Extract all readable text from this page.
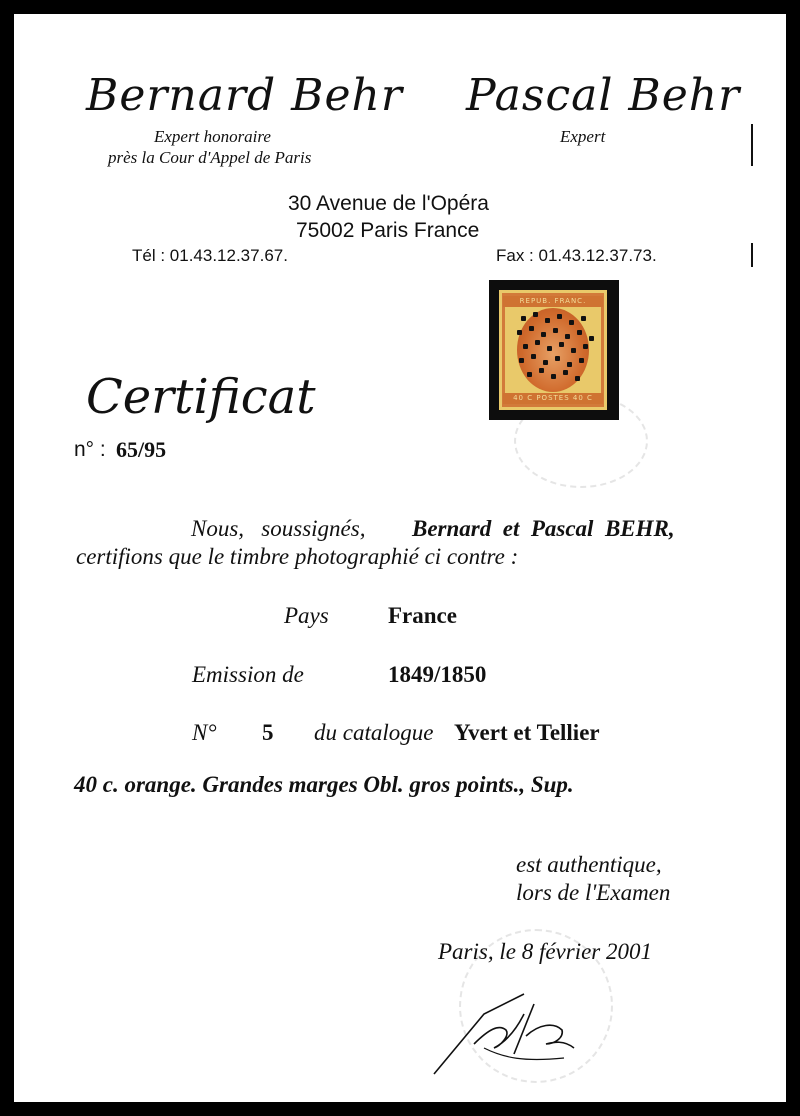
Bernard Behr Pascal Behr
Expert honoraire
près la Cour d'Appel de Paris
Expert
30 Avenue de l'Opéra
75002 Paris France
Tél : 01.43.12.37.67.	Fax : 01.43.12.37.73.
REPUB. FRANC.
40 C POSTES 40 C
Certificat
n° : 65/95
Nous,   soussignés, Bernard  et  Pascal  BEHR,
certifions que le timbre photographié ci contre :
Pays	France
Emission de	1849/1850
N° 5 du catalogue Yvert et Tellier
40 c. orange. Grandes marges Obl. gros points., Sup.
est authentique,
lors de l'Examen
Paris, le 8 février 2001
